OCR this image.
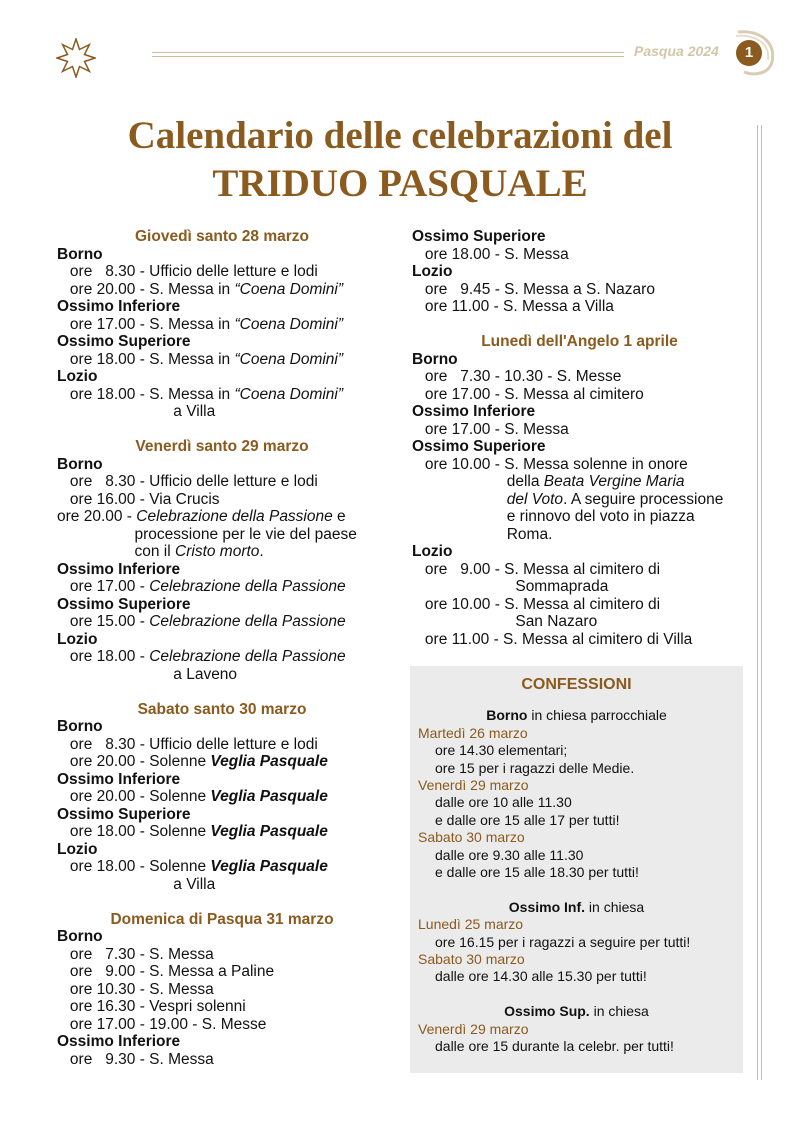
Pasqua 2024	1
Calendario delle celebrazioni del
TRIDUO PASQUALE
Giovedì santo 28 marzo
Borno
ore   8.30 - Ufficio delle letture e lodi
ore 20.00 - S. Messa in “Coena Domini”
Ossimo Inferiore
ore 17.00 - S. Messa in “Coena Domini”
Ossimo Superiore
ore 18.00 - S. Messa in “Coena Domini”
Lozio
ore 18.00 - S. Messa in “Coena Domini”
a Villa
Venerdì santo 29 marzo
Borno
ore   8.30 - Ufficio delle letture e lodi
ore 16.00 - Via Crucis
ore 20.00 - Celebrazione della Passione e
processione per le vie del paese
con il Cristo morto.
Ossimo Inferiore
ore 17.00 - Celebrazione della Passione
Ossimo Superiore
ore 15.00 - Celebrazione della Passione
Lozio
ore 18.00 - Celebrazione della Passione
a Laveno
Sabato santo 30 marzo
Borno
ore   8.30 - Ufficio delle letture e lodi
ore 20.00 - Solenne Veglia Pasquale
Ossimo Inferiore
ore 20.00 - Solenne Veglia Pasquale
Ossimo Superiore
ore 18.00 - Solenne Veglia Pasquale
Lozio
ore 18.00 - Solenne Veglia Pasquale
a Villa
Domenica di Pasqua 31 marzo
Borno
ore   7.30 - S. Messa
ore   9.00 - S. Messa a Paline
ore 10.30 - S. Messa
ore 16.30 - Vespri solenni
ore 17.00 - 19.00 - S. Messe
Ossimo Inferiore
ore   9.30 - S. Messa
Ossimo Superiore
ore 18.00 - S. Messa
Lozio
ore   9.45 - S. Messa a S. Nazaro
ore 11.00 - S. Messa a Villa
Lunedì dell'Angelo 1 aprile
Borno
ore   7.30 - 10.30 - S. Messe
ore 17.00 - S. Messa al cimitero
Ossimo Inferiore
ore 17.00 - S. Messa
Ossimo Superiore
ore 10.00 - S. Messa solenne in onore
della Beata Vergine Maria
del Voto. A seguire processione
e rinnovo del voto in piazza
Roma.
Lozio
ore   9.00 - S. Messa al cimitero di
Sommaprada
ore 10.00 - S. Messa al cimitero di
San Nazaro
ore 11.00 - S. Messa al cimitero di Villa
CONFESSIONI
Borno in chiesa parrocchiale
Martedì 26 marzo
ore 14.30 elementari;
ore 15 per i ragazzi delle Medie.
Venerdì 29 marzo
dalle ore 10 alle 11.30
e dalle ore 15 alle 17 per tutti!
Sabato 30 marzo
dalle ore 9.30 alle 11.30
e dalle ore 15 alle 18.30 per tutti!
Ossimo Inf. in chiesa
Lunedì 25 marzo
ore 16.15 per i ragazzi a seguire per tutti!
Sabato 30 marzo
dalle ore 14.30 alle 15.30 per tutti!
Ossimo Sup. in chiesa
Venerdì 29 marzo
dalle ore 15 durante la celebr. per tutti!
